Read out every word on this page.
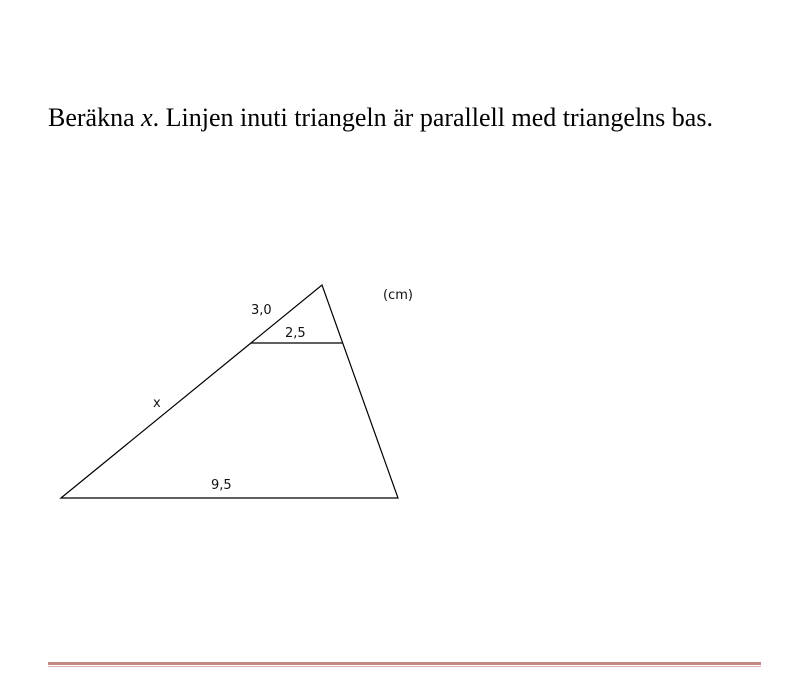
Beräkna x. Linjen inuti triangeln är parallell med triangelns bas.
3,0
2,5
x
9,5
(cm)
